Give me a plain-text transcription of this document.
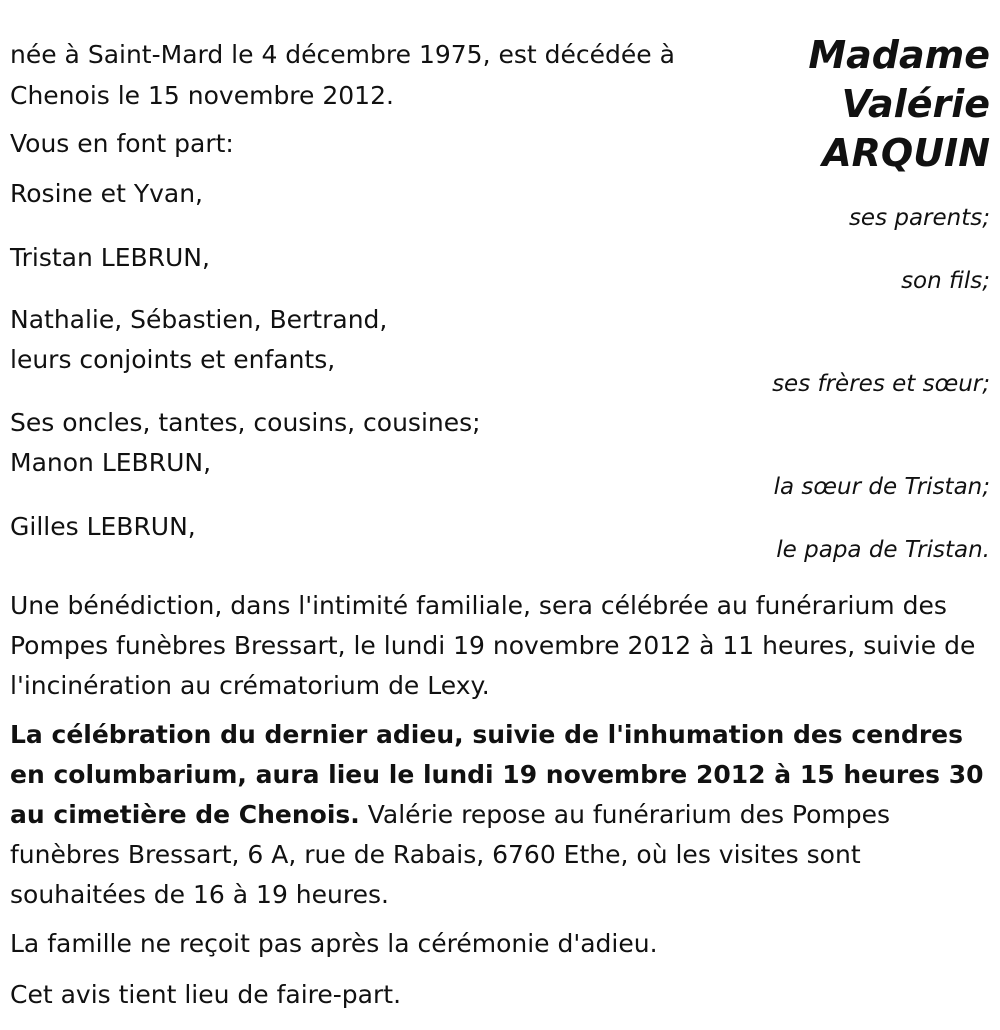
Madame

Valérie

ARQUIN

née à Saint-Mard le 4 décembre 1975, est décédée à

Chenois le 15 novembre 2012.

Vous en font part:

Rosine et Yvan,

ses parents;

Tristan LEBRUN,

son fils;

Nathalie, Sébastien, Bertrand,

leurs conjoints et enfants,

ses frères et sœur;

Ses oncles, tantes, cousins, cousines;

Manon LEBRUN,

la sœur de Tristan;

Gilles LEBRUN,

le papa de Tristan.

Une bénédiction, dans l'intimité familiale, sera célébrée au funérarium des Pompes funèbres Bressart, le lundi 19 novembre 2012 à 11 heures, suivie de l'incinération au crématorium de Lexy.

La célébration du dernier adieu, suivie de l'inhumation des cendres en columbarium, aura lieu le lundi 19 novembre 2012 à 15 heures 30 au cimetière de Chenois. Valérie repose au funérarium des Pompes funèbres Bressart, 6 A, rue de Rabais, 6760 Ethe, où les visites sont souhaitées de 16 à 19 heures.

La famille ne reçoit pas après la cérémonie d'adieu.

Cet avis tient lieu de faire-part.
